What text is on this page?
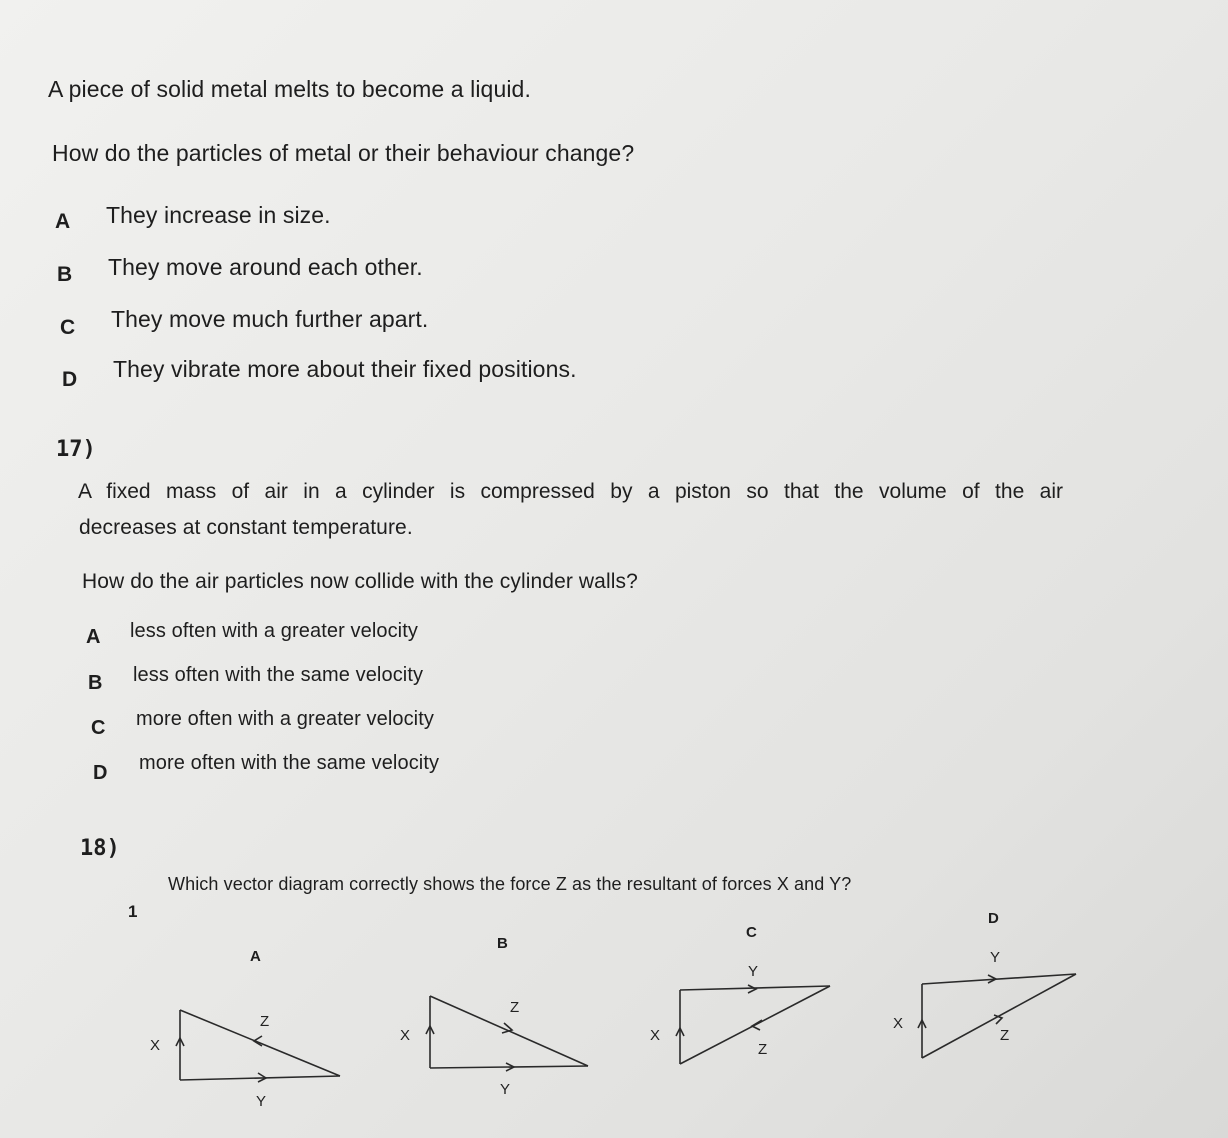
A piece of solid metal melts to become a liquid.
How do the particles of metal or their behaviour change?
A They increase in size.
B They move around each other.
C They move much further apart.
D They vibrate more about their fixed positions.
17)
A fixed mass of air in a cylinder is compressed by a piston so that the volume of the air
decreases at constant temperature.
How do the air particles now collide with the cylinder walls?
A less often with a greater velocity
B less often with the same velocity
C more often with a greater velocity
D more often with the same velocity
18)
1
Which vector diagram correctly shows the force Z as the resultant of forces X and Y?
A
B
C
D
X
Y
Z
X
Y
Z
X
Y
Z
X
Y
Z
